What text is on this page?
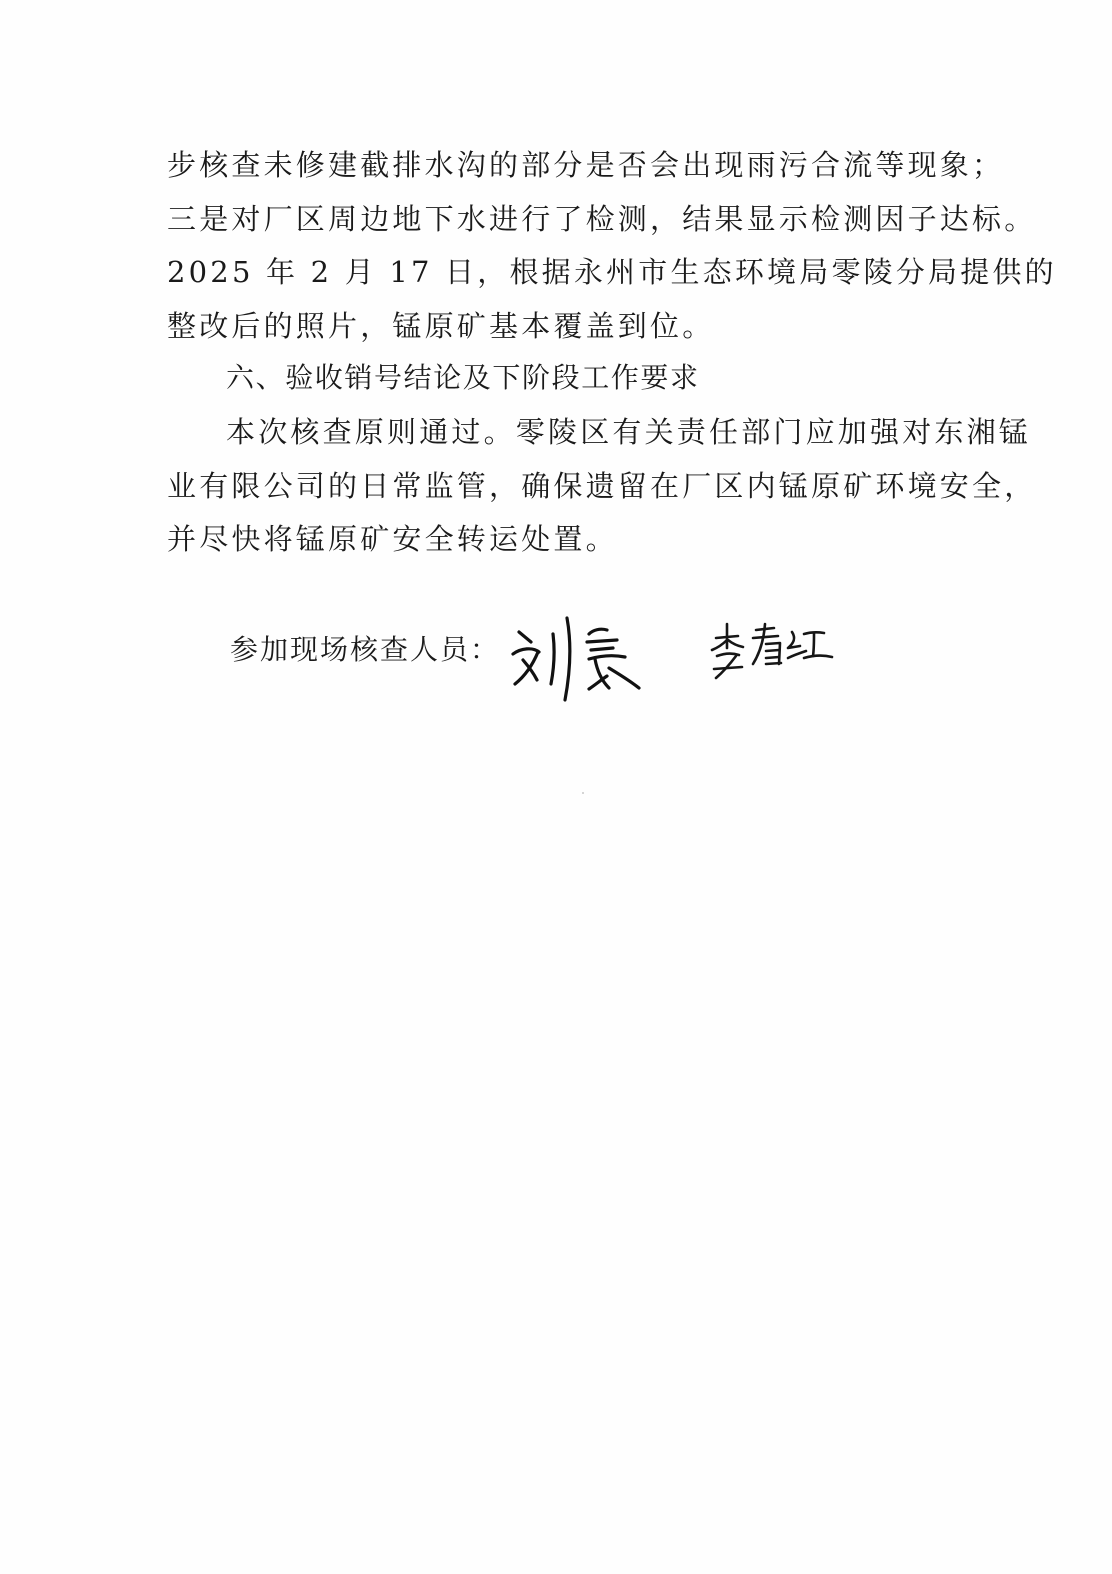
步核查未修建截排水沟的部分是否会出现雨污合流等现象；
三是对厂区周边地下水进行了检测，结果显示检测因子达标。
2025 年 2 月 17 日，根据永州市生态环境局零陵分局提供的
整改后的照片，锰原矿基本覆盖到位。
六、验收销号结论及下阶段工作要求
本次核查原则通过。零陵区有关责任部门应加强对东湘锰
业有限公司的日常监管，确保遗留在厂区内锰原矿环境安全，
并尽快将锰原矿安全转运处置。
参加现场核查人员：
